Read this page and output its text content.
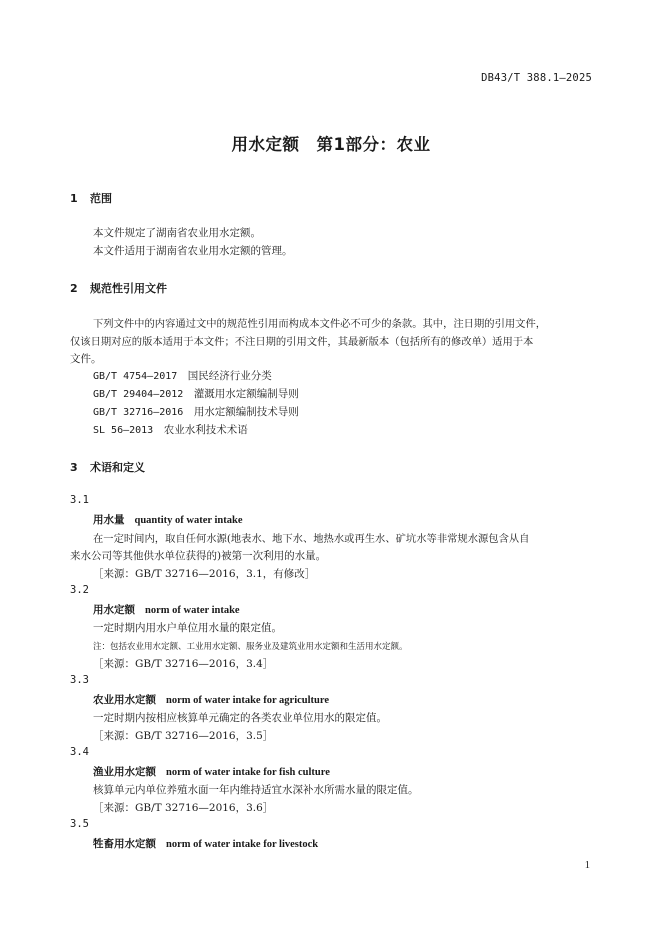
DB43/T 388.1—2025
用水定额　第1部分：农业
1 范围
本文件规定了湖南省农业用水定额。
本文件适用于湖南省农业用水定额的管理。
2 规范性引用文件
下列文件中的内容通过文中的规范性引用而构成本文件必不可少的条款。其中，注日期的引用文件，
仅该日期对应的版本适用于本文件；不注日期的引用文件，其最新版本（包括所有的修改单）适用于本
文件。
GB/T 4754—2017　 国民经济行业分类
GB/T 29404—2012　 灌溉用水定额编制导则
GB/T 32716—2016　 用水定额编制技术导则
SL 56—2013　 农业水利技术术语
3 术语和定义
3.1
用水量 quantity of water intake
在一定时间内，取自任何水源(地表水、地下水、地热水或再生水、矿坑水等非常规水源包含从自
来水公司等其他供水单位获得的)被第一次利用的水量。
［来源：GB/T 32716—2016，3.1，有修改］
3.2
用水定额 norm of water intake
一定时期内用水户单位用水量的限定值。
注：包括农业用水定额、工业用水定额、服务业及建筑业用水定额和生活用水定额。
［来源：GB/T 32716—2016，3.4］
3.3
农业用水定额 norm of water intake for agriculture
一定时期内按相应核算单元确定的各类农业单位用水的限定值。
［来源：GB/T 32716—2016，3.5］
3.4
渔业用水定额 norm of water intake for fish culture
核算单元内单位养殖水面一年内维持适宜水深补水所需水量的限定值。
［来源：GB/T 32716—2016，3.6］
3.5
牲畜用水定额 norm of water intake for livestock
1
